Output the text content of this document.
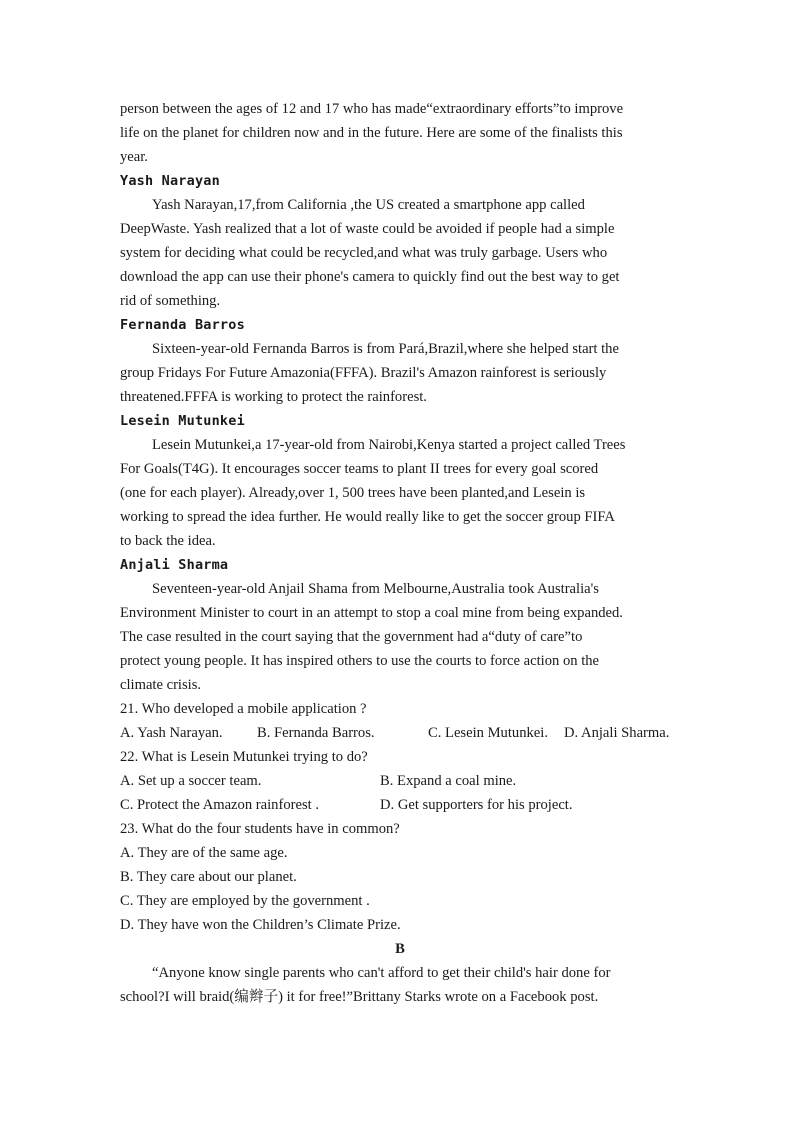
person between the ages of 12 and 17 who has made“extraordinary efforts”to improve
life on the planet for children now and in the future. Here are some of the finalists this
year.
Yash Narayan
Yash Narayan,17,from California ,the US created a smartphone app called
DeepWaste. Yash realized that a lot of waste could be avoided if people had a simple
system for deciding what could be recycled,and what was truly garbage. Users who
download the app can use their phone's camera to quickly find out the best way to get
rid of something.
Fernanda Barros
Sixteen-year-old Fernanda Barros is from Pará,Brazil,where she helped start the
group Fridays For Future Amazonia(FFFA). Brazil's Amazon rainforest is seriously
threatened.FFFA is working to protect the rainforest.
Lesein Mutunkei
Lesein Mutunkei,a 17-year-old from Nairobi,Kenya started a project called Trees
For Goals(T4G). It encourages soccer teams to plant II trees for every goal scored
(one for each player). Already,over 1, 500 trees have been planted,and Lesein is
working to spread the idea further. He would really like to get the soccer group FIFA
to back the idea.
Anjali Sharma
Seventeen-year-old Anjail Shama from Melbourne,Australia took Australia's
Environment Minister to court in an attempt to stop a coal mine from being expanded.
The case resulted in the court saying that the government had a“duty of care”to
protect young people. It has inspired others to use the courts to force action on the
climate crisis.
21. Who developed a mobile application ?
A. Yash Narayan.	B. Fernanda Barros.	C. Lesein Mutunkei.	D. Anjali Sharma.
22. What is Lesein Mutunkei trying to do?
A. Set up a soccer team.	B. Expand a coal mine.
C. Protect the Amazon rainforest .	D. Get supporters for his project.
23. What do the four students have in common?
A. They are of the same age.
B. They care about our planet.
C. They are employed by the government .
D. They have won the Children’s Climate Prize.
B
“Anyone know single parents who can't afford to get their child's hair done for
school?I will braid(编辫子) it for free!”Brittany Starks wrote on a Facebook post.
